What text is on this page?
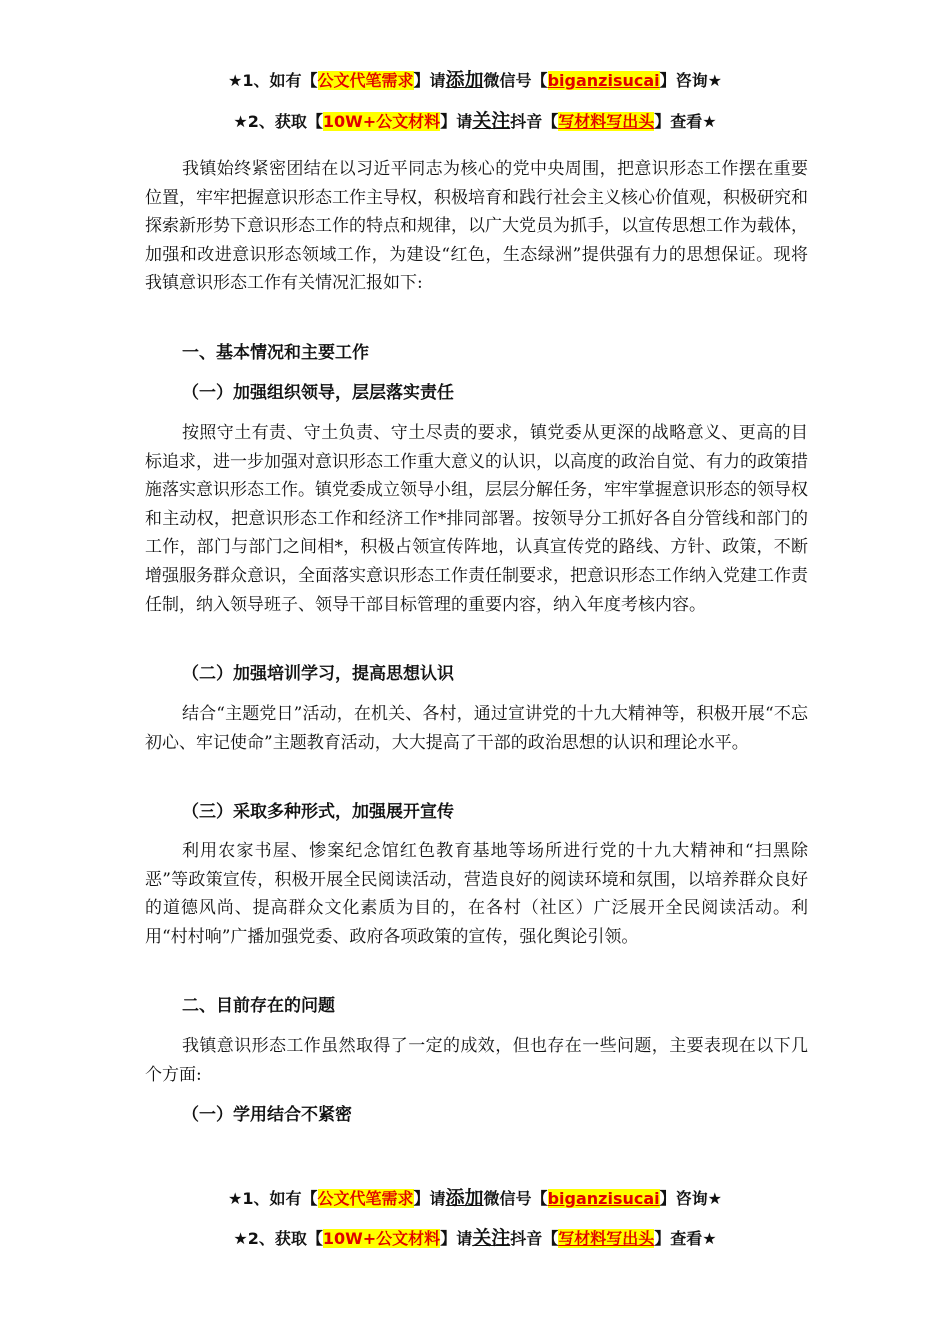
★1、如有【公文代笔需求】请添加微信号【biganzisucai】咨询★
★2、获取【10W+公文材料】请关注抖音【写材料写出头】查看★

我镇始终紧密团结在以习近平同志为核心的党中央周围，把意识形态工作摆在重要位置，牢牢把握意识形态工作主导权，积极培育和践行社会主义核心价值观，积极研究和探索新形势下意识形态工作的特点和规律，以广大党员为抓手，以宣传思想工作为载体，加强和改进意识形态领域工作，为建设“红色，生态绿洲”提供强有力的思想保证。现将我镇意识形态工作有关情况汇报如下:

一、基本情况和主要工作

（一）加强组织领导，层层落实责任

按照守土有责、守土负责、守土尽责的要求，镇党委从更深的战略意义、更高的目标追求，进一步加强对意识形态工作重大意义的认识，以高度的政治自觉、有力的政策措施落实意识形态工作。镇党委成立领导小组，层层分解任务，牢牢掌握意识形态的领导权和主动权，把意识形态工作和经济工作*排同部署。按领导分工抓好各自分管线和部门的工作，部门与部门之间相*，积极占领宣传阵地，认真宣传党的路线、方针、政策，不断增强服务群众意识，全面落实意识形态工作责任制要求，把意识形态工作纳入党建工作责任制，纳入领导班子、领导干部目标管理的重要内容，纳入年度考核内容。

（二）加强培训学习，提高思想认识

结合“主题党日”活动，在机关、各村，通过宣讲党的十九大精神等，积极开展“不忘初心、牢记使命”主题教育活动，大大提高了干部的政治思想的认识和理论水平。

（三）采取多种形式，加强展开宣传

利用农家书屋、惨案纪念馆红色教育基地等场所进行党的十九大精神和“扫黑除恶”等政策宣传，积极开展全民阅读活动，营造良好的阅读环境和氛围，以培养群众良好的道德风尚、提高群众文化素质为目的，在各村（社区）广泛展开全民阅读活动。利用“村村响”广播加强党委、政府各项政策的宣传，强化舆论引领。

二、目前存在的问题

我镇意识形态工作虽然取得了一定的成效，但也存在一些问题，主要表现在以下几个方面:

（一）学用结合不紧密

★1、如有【公文代笔需求】请添加微信号【biganzisucai】咨询★
★2、获取【10W+公文材料】请关注抖音【写材料写出头】查看★
